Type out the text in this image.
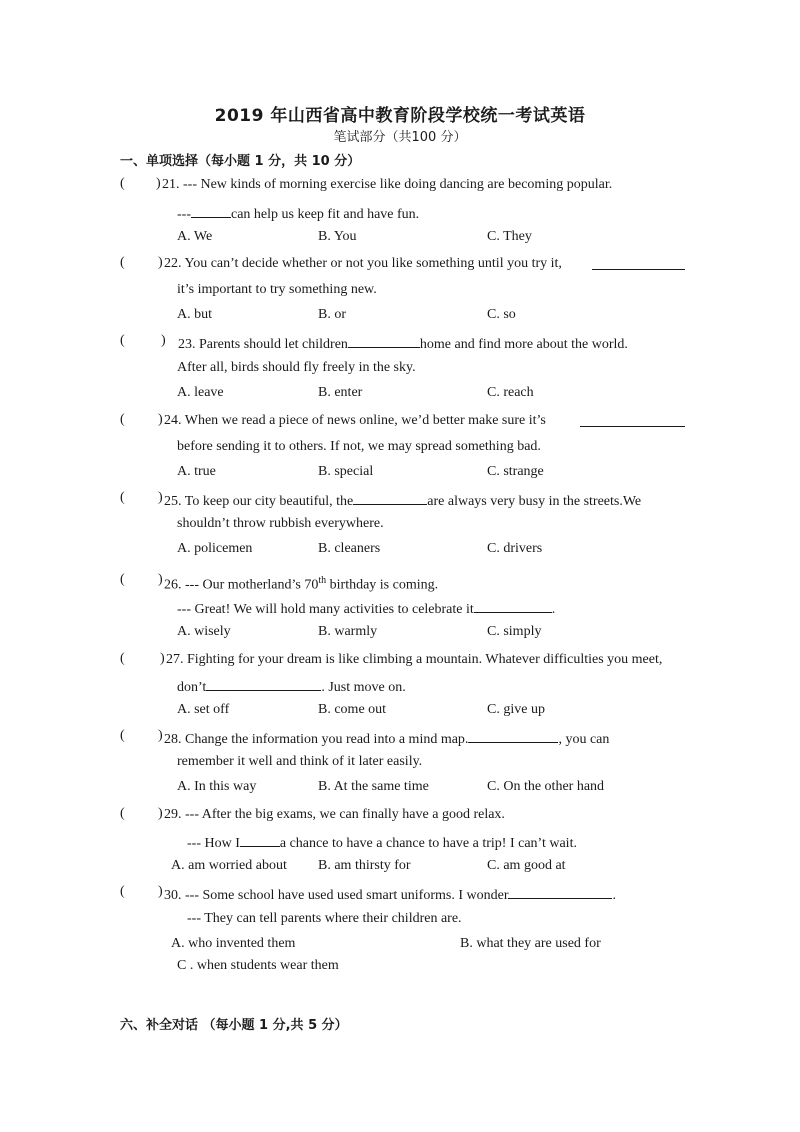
2019 年山西省高中教育阶段学校统一考试英语
笔试部分（共100 分）
一、单项选择（每小题 1 分，共 10 分）
( ) 21. --- New kinds of morning exercise like doing dancing are becoming popular.
---	can help us keep fit and have fun.
A. We	B. You	C. They
( ) 22. You can’t decide whether or not you like something until you try it,
it’s important to try something new.
A. but	B. or	C. so
(	) 23. Parents should let children	home and find more about the world.
After all, birds should fly freely in the sky.
A. leave	B. enter	C. reach
( ) 24. When we read a piece of news online, we’d better make sure it’s
before sending it to others. If not, we may spread something bad.
A. true	B. special	C. strange
( ) 25. To keep our city beautiful, the	are always very busy in the streets.We
shouldn’t throw rubbish everywhere.
A. policemen	B. cleaners	C. drivers
( ) 26. --- Our motherland’s 70th birthday is coming.
--- Great! We will hold many activities to celebrate it	.
A. wisely	B. warmly	C. simply
(	) 27. Fighting for your dream is like climbing a mountain. Whatever difficulties you meet,
don’t	. Just move on.
A. set off	B. come out	C. give up
( ) 28. Change the information you read into a mind map.	, you can
remember it well and think of it later easily.
A. In this way	B. At the same time	C. On the other hand
( ) 29. --- After the big exams, we can finally have a good relax.
--- How I	a chance to have a chance to have a trip! I can’t wait.
A. am worried about B. am thirsty for	C. am good at
( ) 30. --- Some school have used used smart uniforms. I wonder	.
--- They can tell parents where their children are.
A. who invented them	B. what they are used for
C . when students wear them
六、补全对话 （每小题 1 分,共 5 分）
